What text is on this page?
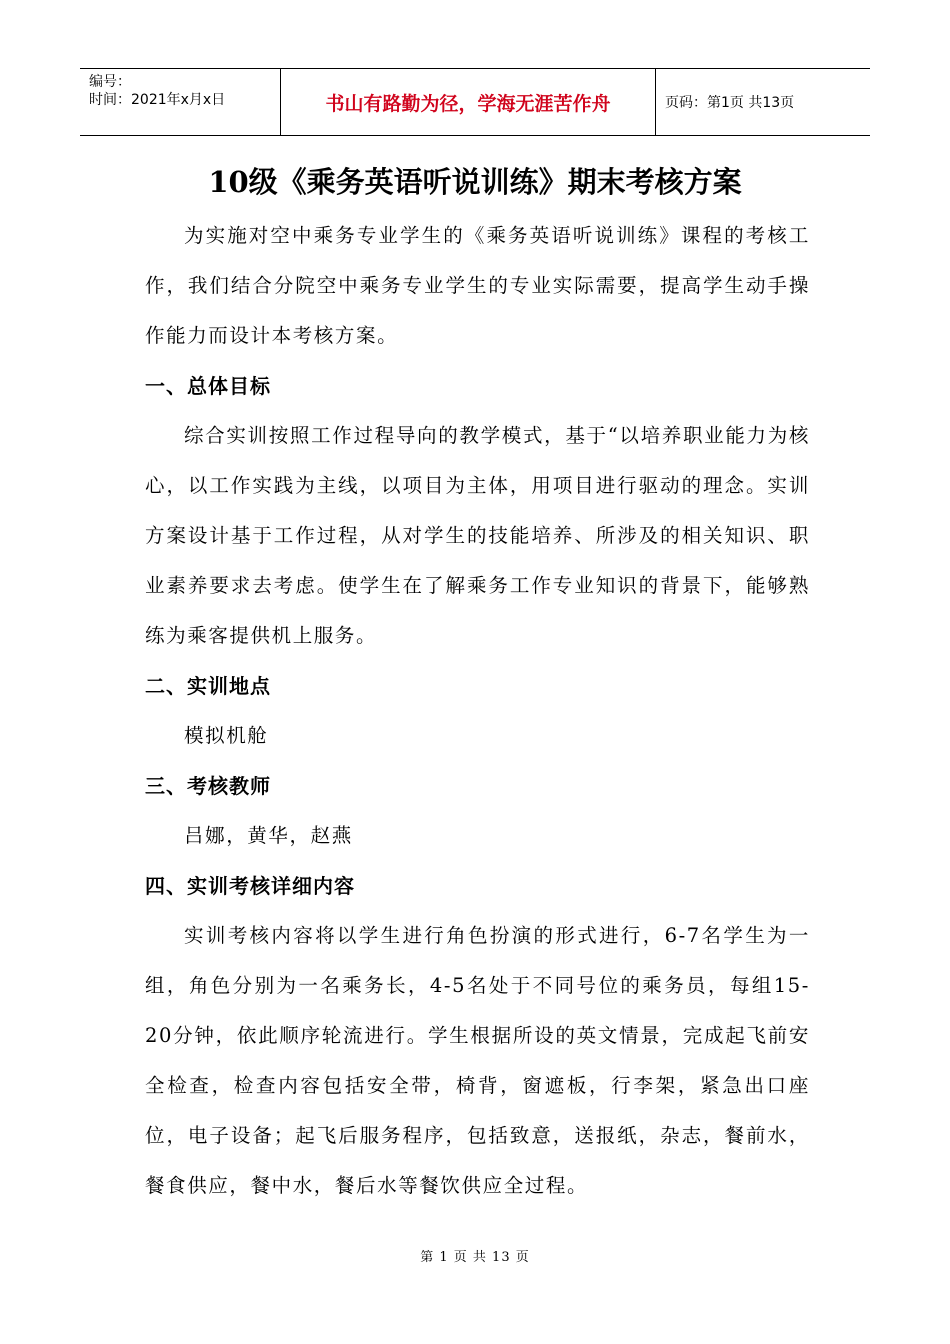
编号：
时间：2021年x月x日	书山有路勤为径，学海无涯苦作舟	页码：第1页 共13页
10级《乘务英语听说训练》期末考核方案

为实施对空中乘务专业学生的《乘务英语听说训练》课程的考核工作，我们结合分院空中乘务专业学生的专业实际需要，提高学生动手操作能力而设计本考核方案。

一、总体目标

综合实训按照工作过程导向的教学模式，基于“以培养职业能力为核心，以工作实践为主线，以项目为主体，用项目进行驱动的理念。实训方案设计基于工作过程，从对学生的技能培养、所涉及的相关知识、职业素养要求去考虑。使学生在了解乘务工作专业知识的背景下，能够熟练为乘客提供机上服务。

二、实训地点

模拟机舱

三、考核教师

吕娜，黄华，赵燕

四、实训考核详细内容

实训考核内容将以学生进行角色扮演的形式进行，6-7名学生为一组，角色分别为一名乘务长，4-5名处于不同号位的乘务员，每组15-20分钟，依此顺序轮流进行。学生根据所设的英文情景，完成起飞前安全检查，检查内容包括安全带，椅背，窗遮板，行李架，紧急出口座位，电子设备；起飞后服务程序，包括致意，送报纸，杂志，餐前水，餐食供应，餐中水，餐后水等餐饮供应全过程。

第 1 页 共 13 页
